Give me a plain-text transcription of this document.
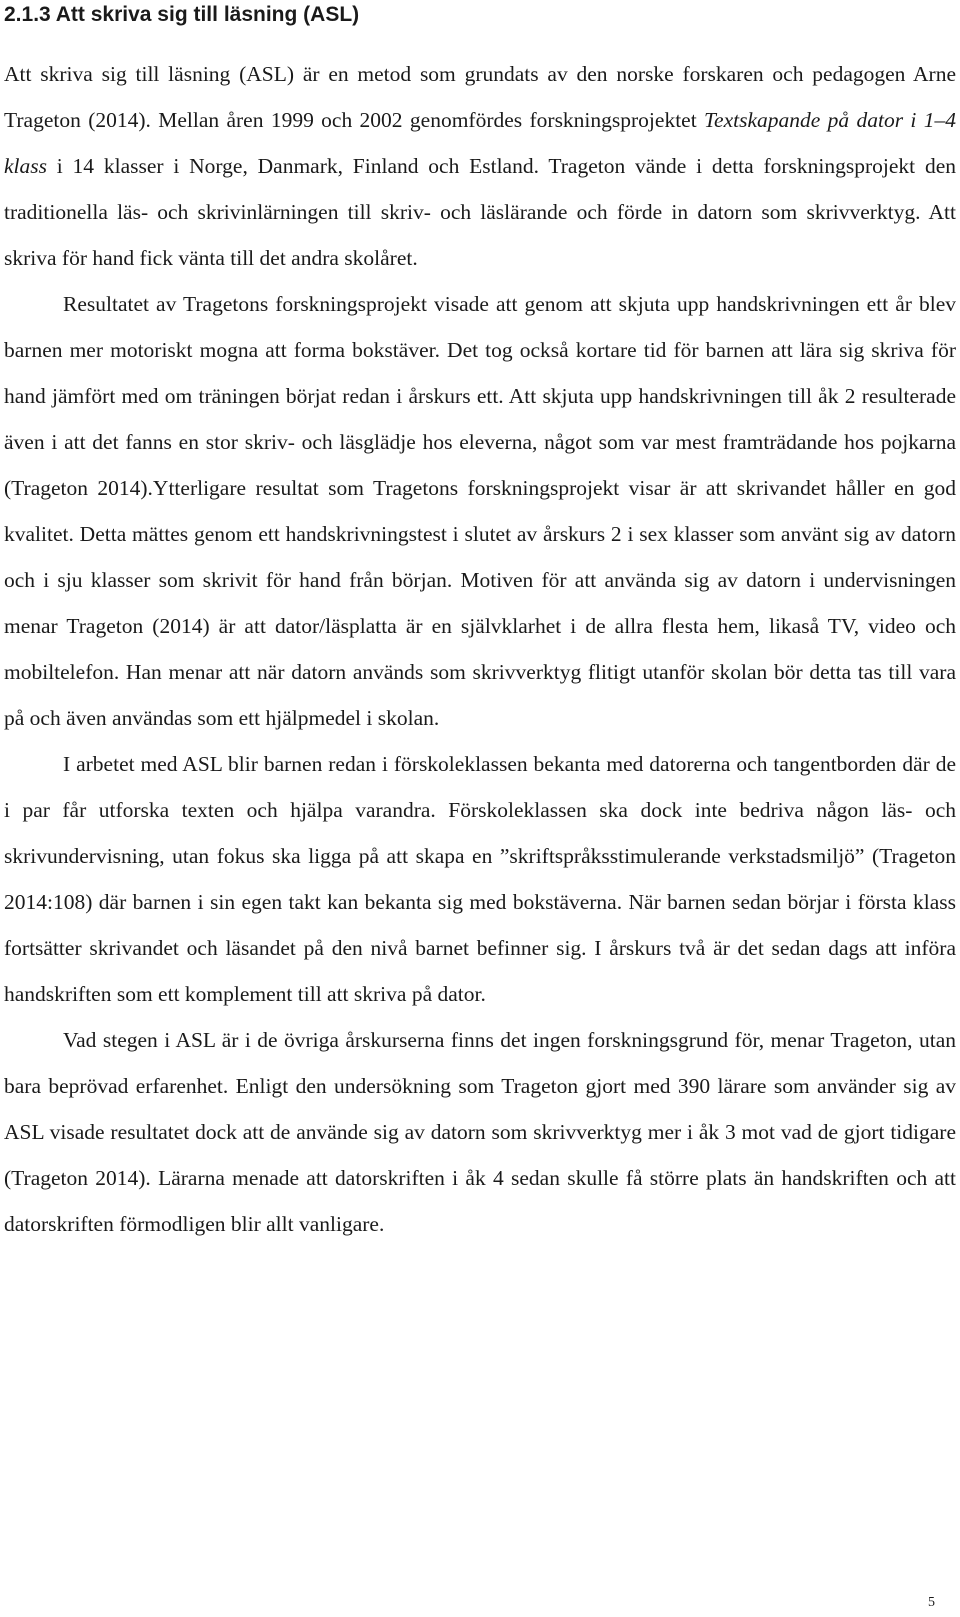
2.1.3 Att skriva sig till läsning (ASL)

Att skriva sig till läsning (ASL) är en metod som grundats av den norske forskaren och pedagogen Arne Trageton (2014). Mellan åren 1999 och 2002 genomfördes forskningsprojektet Textskapande på dator i 1–4 klass i 14 klasser i Norge, Danmark, Finland och Estland. Trageton vände i detta forskningsprojekt den traditionella läs- och skrivinlärningen till skriv- och läslärande och förde in datorn som skrivverktyg. Att skriva för hand fick vänta till det andra skolåret.

Resultatet av Tragetons forskningsprojekt visade att genom att skjuta upp handskrivningen ett år blev barnen mer motoriskt mogna att forma bokstäver. Det tog också kortare tid för barnen att lära sig skriva för hand jämfört med om träningen börjat redan i årskurs ett. Att skjuta upp handskrivningen till åk 2 resulterade även i att det fanns en stor skriv- och läsglädje hos eleverna, något som var mest framträdande hos pojkarna (Trageton 2014).Ytterligare resultat som Tragetons forskningsprojekt visar är att skrivandet håller en god kvalitet. Detta mättes genom ett handskrivningstest i slutet av årskurs 2 i sex klasser som använt sig av datorn och i sju klasser som skrivit för hand från början. Motiven för att använda sig av datorn i undervisningen menar Trageton (2014) är att dator/läsplatta är en självklarhet i de allra flesta hem, likaså TV, video och mobiltelefon. Han menar att när datorn används som skrivverktyg flitigt utanför skolan bör detta tas till vara på och även användas som ett hjälpmedel i skolan.

I arbetet med ASL blir barnen redan i förskoleklassen bekanta med datorerna och tangentborden där de i par får utforska texten och hjälpa varandra. Förskoleklassen ska dock inte bedriva någon läs- och skrivundervisning, utan fokus ska ligga på att skapa en ”skriftspråksstimulerande verkstadsmiljö” (Trageton 2014:108) där barnen i sin egen takt kan bekanta sig med bokstäverna. När barnen sedan börjar i första klass fortsätter skrivandet och läsandet på den nivå barnet befinner sig. I årskurs två är det sedan dags att införa handskriften som ett komplement till att skriva på dator.

Vad stegen i ASL är i de övriga årskurserna finns det ingen forskningsgrund för, menar Trageton, utan bara beprövad erfarenhet. Enligt den undersökning som Trageton gjort med 390 lärare som använder sig av ASL visade resultatet dock att de använde sig av datorn som skrivverktyg mer i åk 3 mot vad de gjort tidigare (Trageton 2014). Lärarna menade att datorskriften i åk 4 sedan skulle få större plats än handskriften och att datorskriften förmodligen blir allt vanligare.

5
